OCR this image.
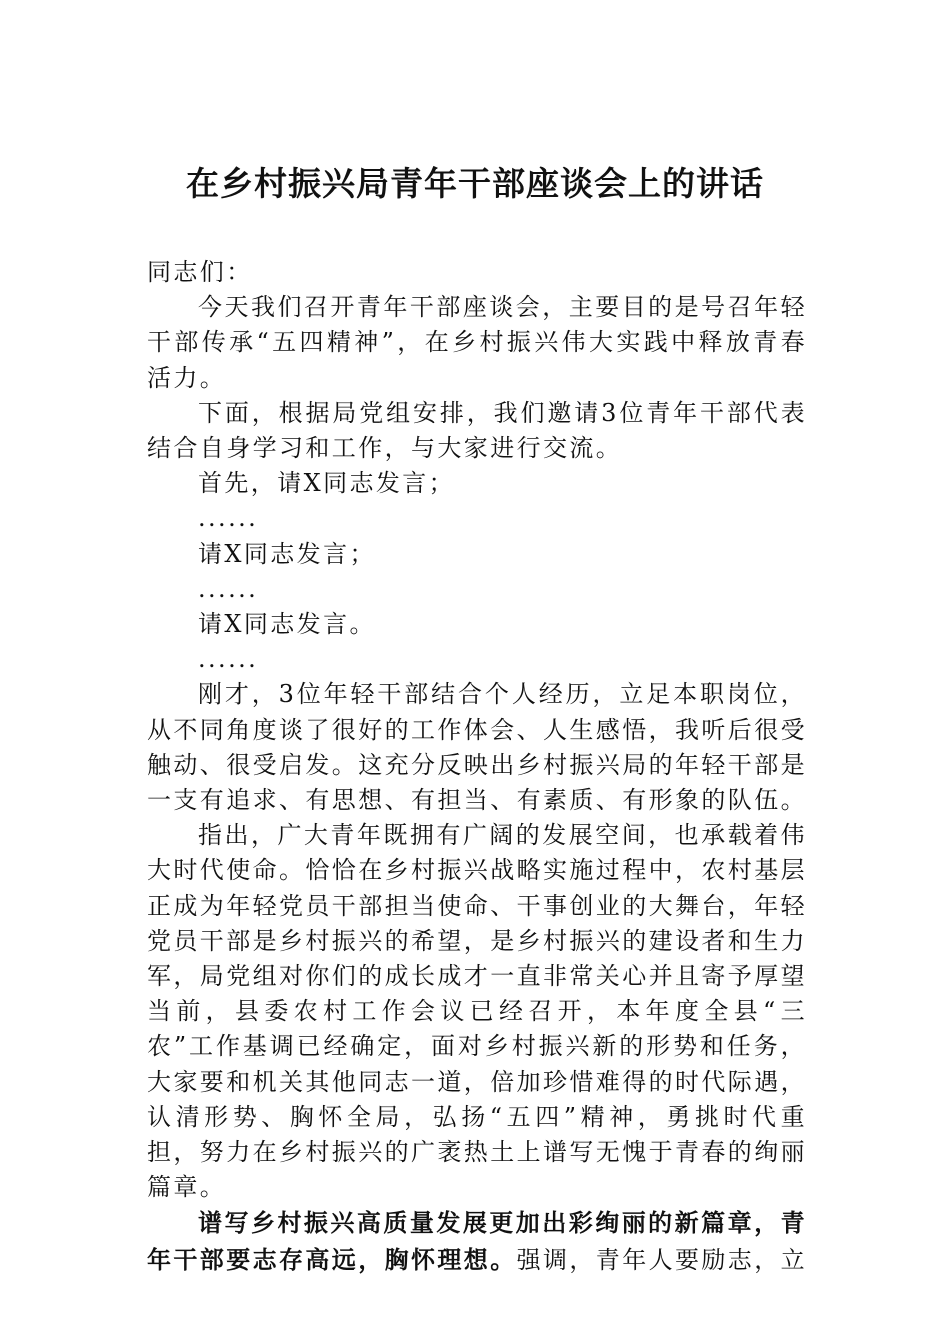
在乡村振兴局青年干部座谈会上的讲话

同志们：

今天我们召开青年干部座谈会，主要目的是号召年轻干部传承“五四精神”，在乡村振兴伟大实践中释放青春活力。

下面，根据局党组安排，我们邀请3位青年干部代表结合自身学习和工作，与大家进行交流。

首先，请X同志发言；

......

请X同志发言；

......

请X同志发言。

......

刚才，3位年轻干部结合个人经历，立足本职岗位，从不同角度谈了很好的工作体会、人生感悟，我听后很受触动、很受启发。这充分反映出乡村振兴局的年轻干部是一支有追求、有思想、有担当、有素质、有形象的队伍。

指出，广大青年既拥有广阔的发展空间，也承载着伟大时代使命。恰恰在乡村振兴战略实施过程中，农村基层正成为年轻党员干部担当使命、干事创业的大舞台，年轻党员干部是乡村振兴的希望，是乡村振兴的建设者和生力军，局党组对你们的成长成才一直非常关心并且寄予厚望当前，县委农村工作会议已经召开，本年度全县“三农”工作基调已经确定，面对乡村振兴新的形势和任务，大家要和机关其他同志一道，倍加珍惜难得的时代际遇，认清形势、胸怀全局，弘扬“五四”精神，勇挑时代重担，努力在乡村振兴的广袤热土上谱写无愧于青春的绚丽篇章。

谱写乡村振兴高质量发展更加出彩绚丽的新篇章，青年干部要志存高远，胸怀理想。强调，青年人要励志，立
